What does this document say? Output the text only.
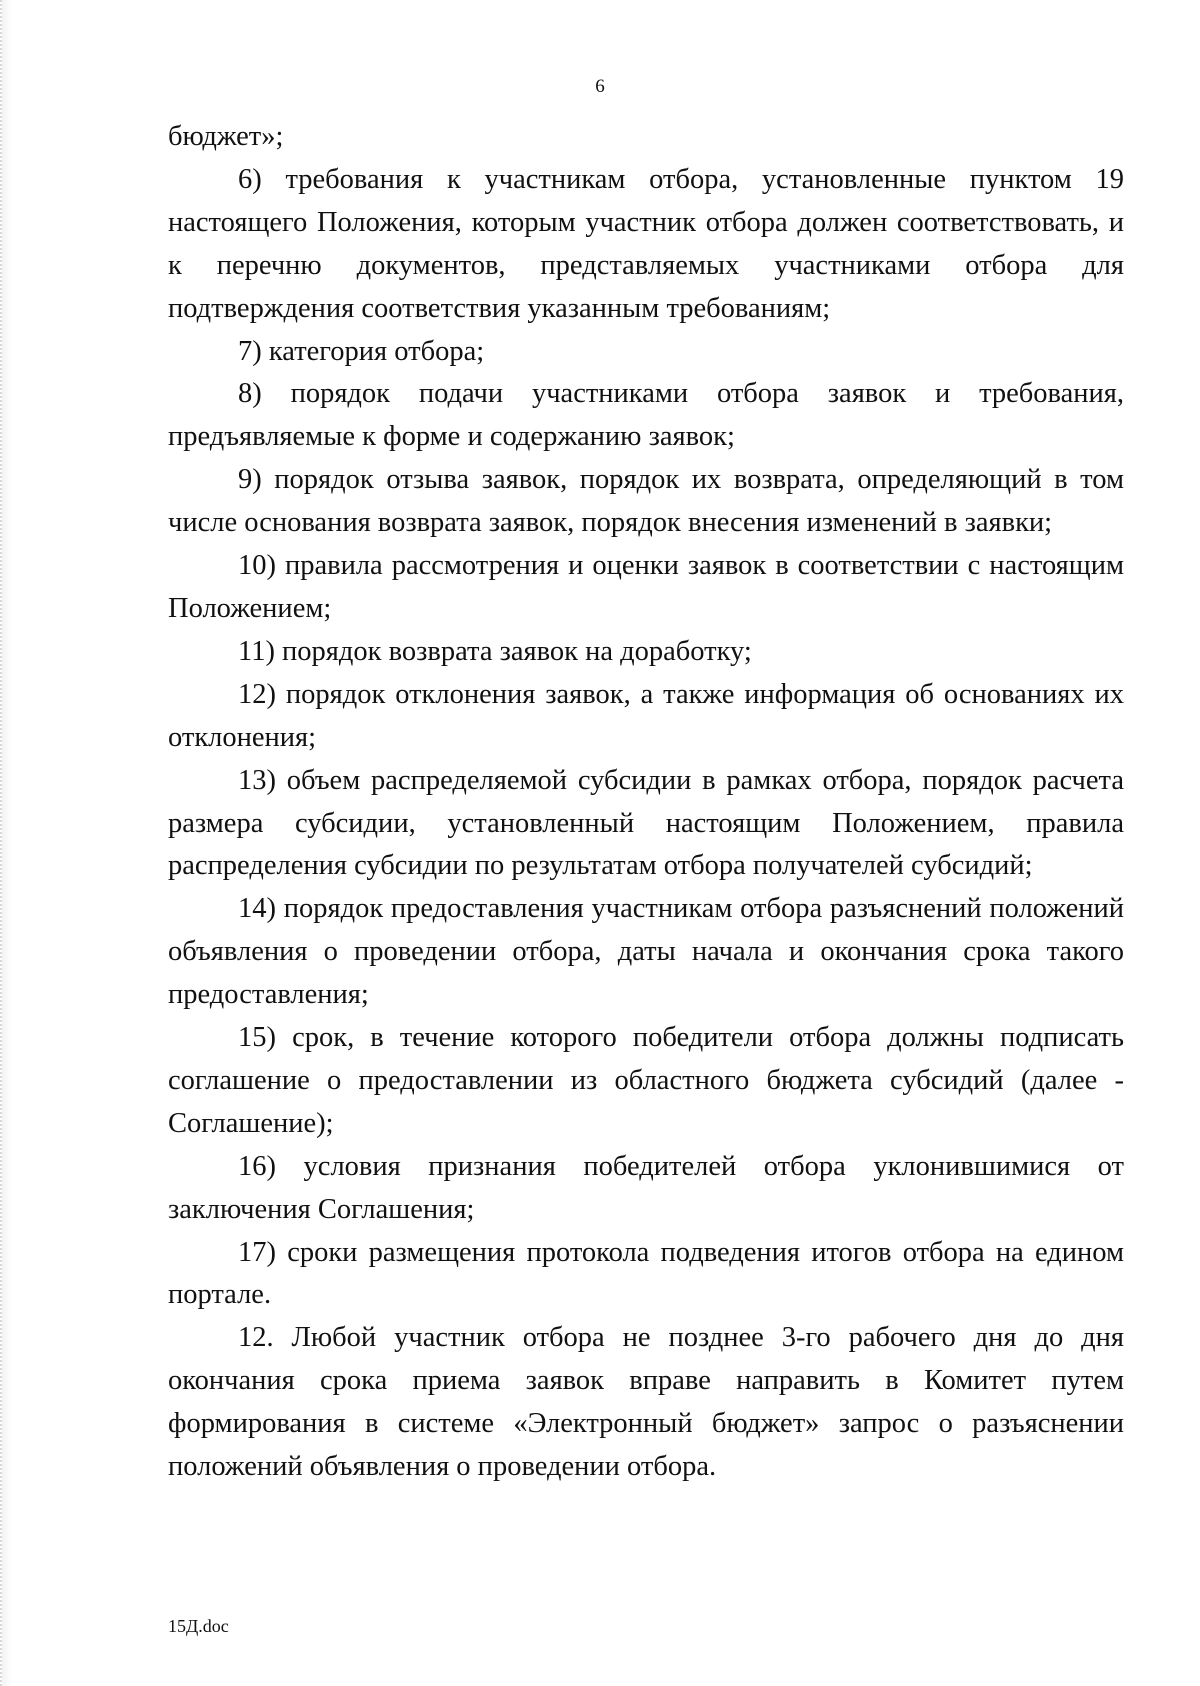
6

бюджет»;

6) требования к участникам отбора, установленные пунктом 19 настоящего Положения, которым участник отбора должен соответствовать, и к перечню документов, представляемых участниками отбора для подтверждения соответствия указанным требованиям;

7) категория отбора;

8) порядок подачи участниками отбора заявок и требования, предъявляемые к форме и содержанию заявок;

9) порядок отзыва заявок, порядок их возврата, определяющий в том числе основания возврата заявок, порядок внесения изменений в заявки;

10) правила рассмотрения и оценки заявок в соответствии с настоящим Положением;

11) порядок возврата заявок на доработку;

12) порядок отклонения заявок, а также информация об основаниях их отклонения;

13) объем распределяемой субсидии в рамках отбора, порядок расчета размера субсидии, установленный настоящим Положением, правила распределения субсидии по результатам отбора получателей субсидий;

14) порядок предоставления участникам отбора разъяснений положений объявления о проведении отбора, даты начала и окончания срока такого предоставления;

15) срок, в течение которого победители отбора должны подписать соглашение о предоставлении из областного бюджета субсидий (далее - Соглашение);

16) условия признания победителей отбора уклонившимися от заключения Соглашения;

17) сроки размещения протокола подведения итогов отбора на едином портале.

12. Любой участник отбора не позднее 3-го рабочего дня до дня окончания срока приема заявок вправе направить в Комитет путем формирования в системе «Электронный бюджет» запрос о разъяснении положений объявления о проведении отбора.

15Д.doc
